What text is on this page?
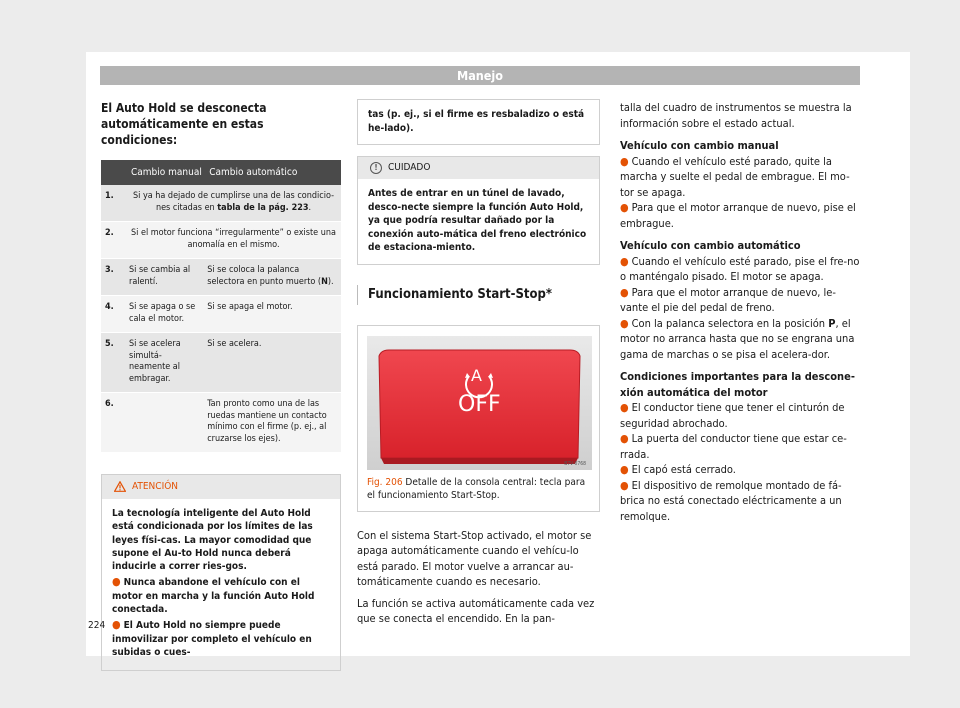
Manejo
El Auto Hold se desconecta automáticamente en estas condiciones:
	Cambio manual	Cambio automático
1.	Si ya ha dejado de cumplirse una de las condicio-nes citadas en tabla de la pág. 223.	
2.	Si el motor funciona “irregularmente” o existe una anomalía en el mismo.	
3.	Si se cambia al ralentí.	Si se coloca la palanca selectora en punto muerto (N).
4.	Si se apaga o se cala el motor.	Si se apaga el motor.
5.	Si se acelera simultá-neamente al embragar.	Si se acelera.
6.		Tan pronto como una de las ruedas mantiene un contacto mínimo con el firme (p. ej., al cruzarse los ejes).
ATENCIÓN

La tecnología inteligente del Auto Hold está condicionada por los límites de las leyes físi-cas. La mayor comodidad que supone el Au-to Hold nunca deberá inducirle a correr ries-gos.

● Nunca abandone el vehículo con el motor en marcha y la función Auto Hold conectada.

● El Auto Hold no siempre puede inmovilizar por completo el vehículo en subidas o cues-

tas (p. ej., si el firme es resbaladizo o está he-lado).
!	CUIDADO
Antes de entrar en un túnel de lavado, desco-necte siempre la función Auto Hold, ya que podría resultar dañado por la conexión auto-mática del freno electrónico de estaciona-miento.
Funcionamiento Start-Stop*
A
OFF
B7V-0768
Fig. 206 Detalle de la consola central: tecla para el funcionamiento Start-Stop.

Con el sistema Start-Stop activado, el motor se apaga automáticamente cuando el vehícu-lo está parado. El motor vuelve a arrancar au-tomáticamente cuando es necesario.

La función se activa automáticamente cada vez que se conecta el encendido. En la pan-

talla del cuadro de instrumentos se muestra la información sobre el estado actual.

Vehículo con cambio manual

● Cuando el vehículo esté parado, quite la marcha y suelte el pedal de embrague. El mo-tor se apaga.

● Para que el motor arranque de nuevo, pise el embrague.

Vehículo con cambio automático

● Cuando el vehículo esté parado, pise el fre-no o manténgalo pisado. El motor se apaga.

● Para que el motor arranque de nuevo, le-vante el pie del pedal de freno.

● Con la palanca selectora en la posición P, el motor no arranca hasta que no se engrana una gama de marchas o se pisa el acelera-dor.

Condiciones importantes para la descone-xión automática del motor

● El conductor tiene que tener el cinturón de seguridad abrochado.

● La puerta del conductor tiene que estar ce-rrada.

● El capó está cerrado.

● El dispositivo de remolque montado de fá-brica no está conectado eléctricamente a un remolque.

224
